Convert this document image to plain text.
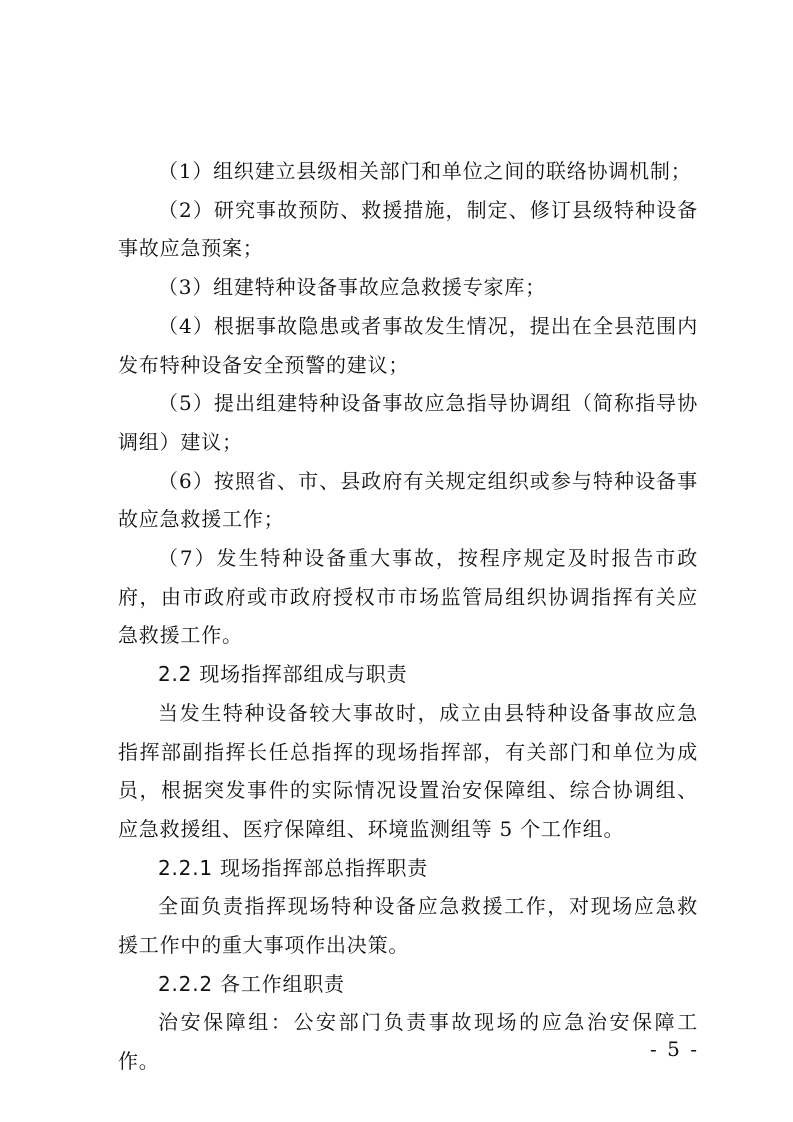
（1）组织建立县级相关部门和单位之间的联络协调机制；

（2）研究事故预防、救援措施，制定、修订县级特种设备事故应急预案；

（3）组建特种设备事故应急救援专家库；

（4）根据事故隐患或者事故发生情况，提出在全县范围内发布特种设备安全预警的建议；

（5）提出组建特种设备事故应急指导协调组（简称指导协调组）建议；

（6）按照省、市、县政府有关规定组织或参与特种设备事故应急救援工作；

（7）发生特种设备重大事故，按程序规定及时报告市政府，由市政府或市政府授权市市场监管局组织协调指挥有关应急救援工作。

2.2 现场指挥部组成与职责

当发生特种设备较大事故时，成立由县特种设备事故应急指挥部副指挥长任总指挥的现场指挥部，有关部门和单位为成员，根据突发事件的实际情况设置治安保障组、综合协调组、应急救援组、医疗保障组、环境监测组等 5 个工作组。

2.2.1 现场指挥部总指挥职责

全面负责指挥现场特种设备应急救援工作，对现场应急救援工作中的重大事项作出决策。

2.2.2 各工作组职责

治安保障组：公安部门负责事故现场的应急治安保障工作。

- 5 -
